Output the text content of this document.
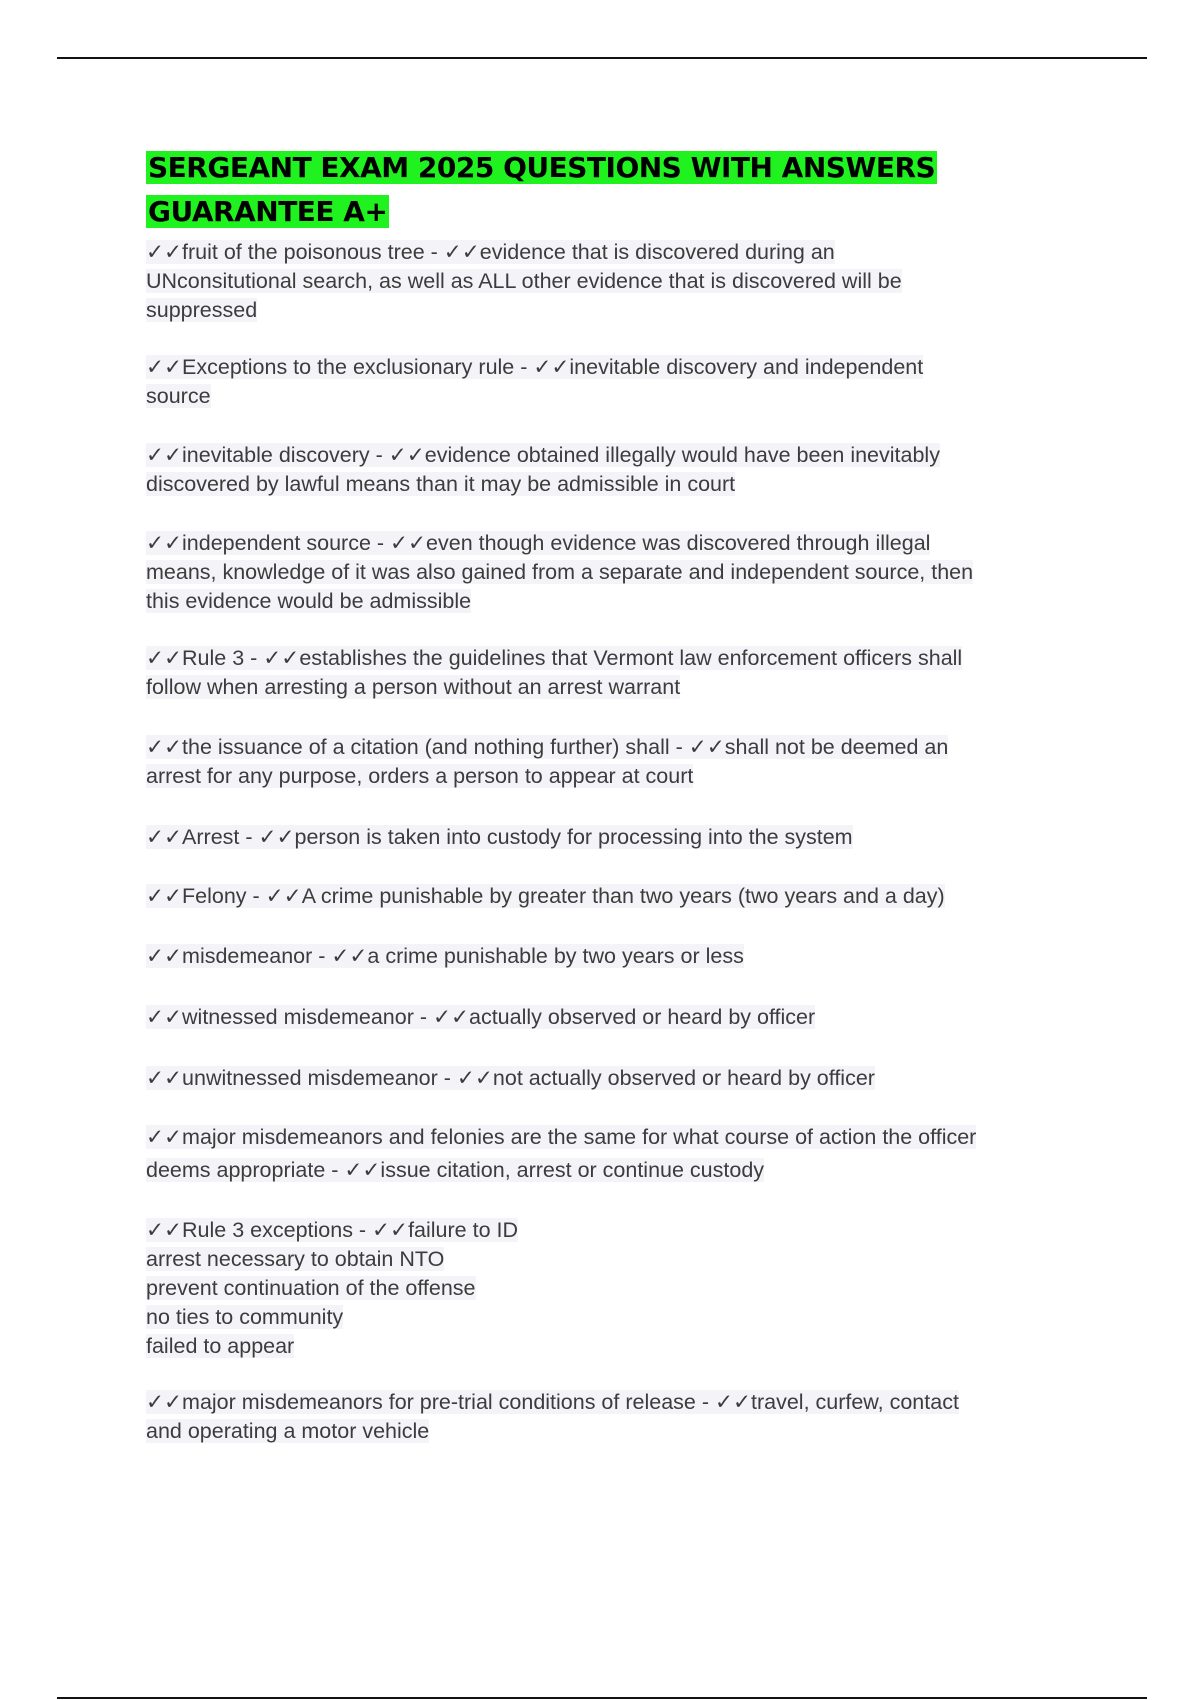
SERGEANT EXAM 2025 QUESTIONS WITH ANSWERS GUARANTEE A+
✓✓fruit of the poisonous tree - ✓✓evidence that is discovered during an
UNconsitutional search, as well as ALL other evidence that is discovered will be
suppressed
✓✓Exceptions to the exclusionary rule - ✓✓inevitable discovery and independent
source
✓✓inevitable discovery - ✓✓evidence obtained illegally would have been inevitably
discovered by lawful means than it may be admissible in court
✓✓independent source - ✓✓even though evidence was discovered through illegal
means, knowledge of it was also gained from a separate and independent source, then
this evidence would be admissible
✓✓Rule 3 - ✓✓establishes the guidelines that Vermont law enforcement officers shall
follow when arresting a person without an arrest warrant
✓✓the issuance of a citation (and nothing further) shall - ✓✓shall not be deemed an
arrest for any purpose, orders a person to appear at court
✓✓Arrest - ✓✓person is taken into custody for processing into the system
✓✓Felony - ✓✓A crime punishable by greater than two years (two years and a day)
✓✓misdemeanor - ✓✓a crime punishable by two years or less
✓✓witnessed misdemeanor - ✓✓actually observed or heard by officer
✓✓unwitnessed misdemeanor - ✓✓not actually observed or heard by officer
✓✓major misdemeanors and felonies are the same for what course of action the officer
deems appropriate - ✓✓issue citation, arrest or continue custody
✓✓Rule 3 exceptions - ✓✓failure to ID
arrest necessary to obtain NTO
prevent continuation of the offense
no ties to community
failed to appear
✓✓major misdemeanors for pre-trial conditions of release - ✓✓travel, curfew, contact
and operating a motor vehicle
